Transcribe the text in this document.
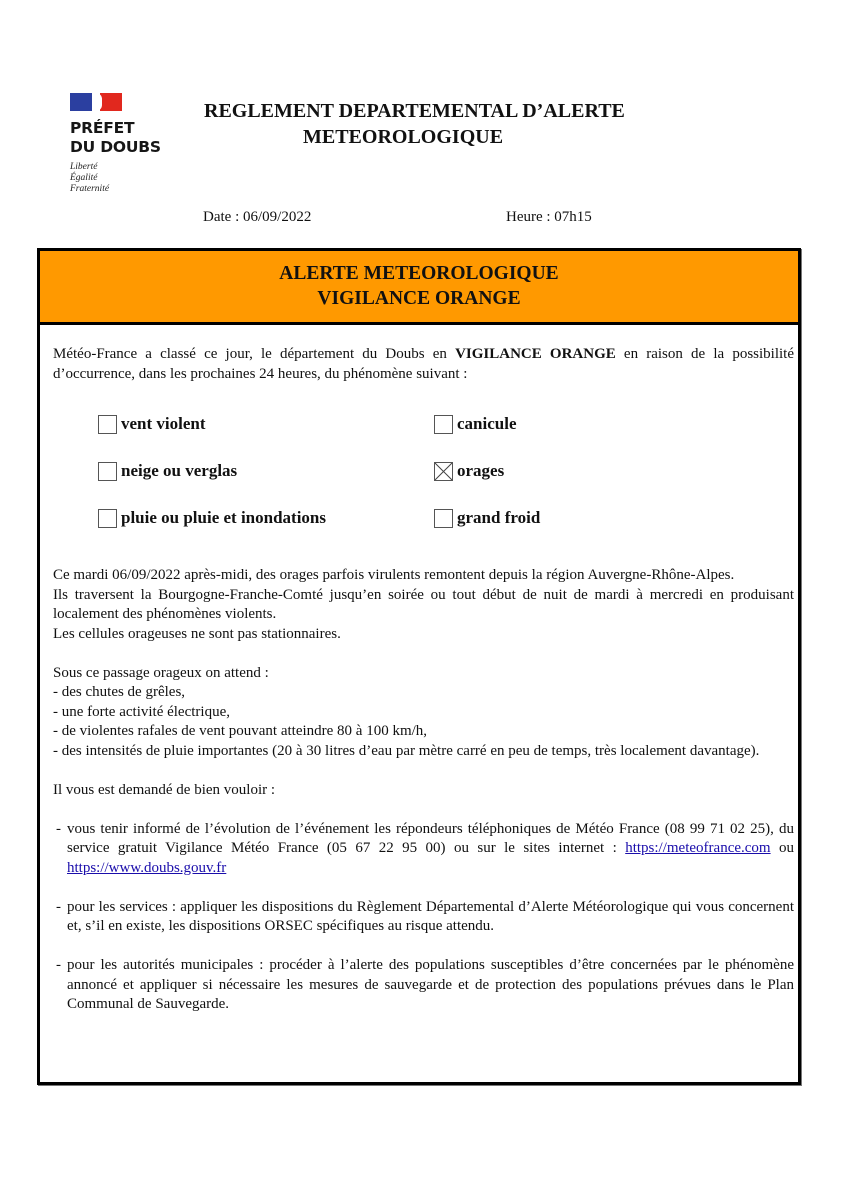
PRÉFET
DU DOUBS
Liberté
Égalité
Fraternité
REGLEMENT DEPARTEMENTAL D’ALERTE
METEOROLOGIQUE
Date : 06/09/2022	Heure : 07h15
ALERTE METEOROLOGIQUE
VIGILANCE ORANGE

Météo-France a classé ce jour, le département du Doubs en VIGILANCE ORANGE en raison de la possibilité d’occurrence, dans les prochaines 24 heures, du phénomène suivant :

vent violent	canicule
neige ou verglas	orages
pluie ou pluie et inondations	grand froid

Ce mardi 06/09/2022 après-midi, des orages parfois virulents remontent depuis la région Auvergne-Rhône-Alpes.

Ils traversent la Bourgogne-Franche-Comté jusqu’en soirée ou tout début de nuit de mardi à mercredi en produisant localement des phénomènes violents.

Les cellules orageuses ne sont pas stationnaires.

Sous ce passage orageux on attend :

- des chutes de grêles,

- une forte activité électrique,

- de violentes rafales de vent pouvant atteindre 80 à 100 km/h,

- des intensités de pluie importantes (20 à 30 litres d’eau par mètre carré en peu de temps, très localement davantage).

Il vous est demandé de bien vouloir :

- vous tenir informé de l’évolution de l’événement les répondeurs téléphoniques de Météo France (08 99 71 02 25), du service gratuit Vigilance Météo France (05 67 22 95 00) ou sur le sites internet : https://meteofrance.com ou https://www.doubs.gouv.fr

- pour les services : appliquer les dispositions du Règlement Départemental d’Alerte Météorologique qui vous concernent et, s’il en existe, les dispositions ORSEC spécifiques au risque attendu.

- pour les autorités municipales : procéder à l’alerte des populations susceptibles d’être concernées par le phénomène annoncé et appliquer si nécessaire les mesures de sauvegarde et de protection des populations prévues dans le Plan Communal de Sauvegarde.
